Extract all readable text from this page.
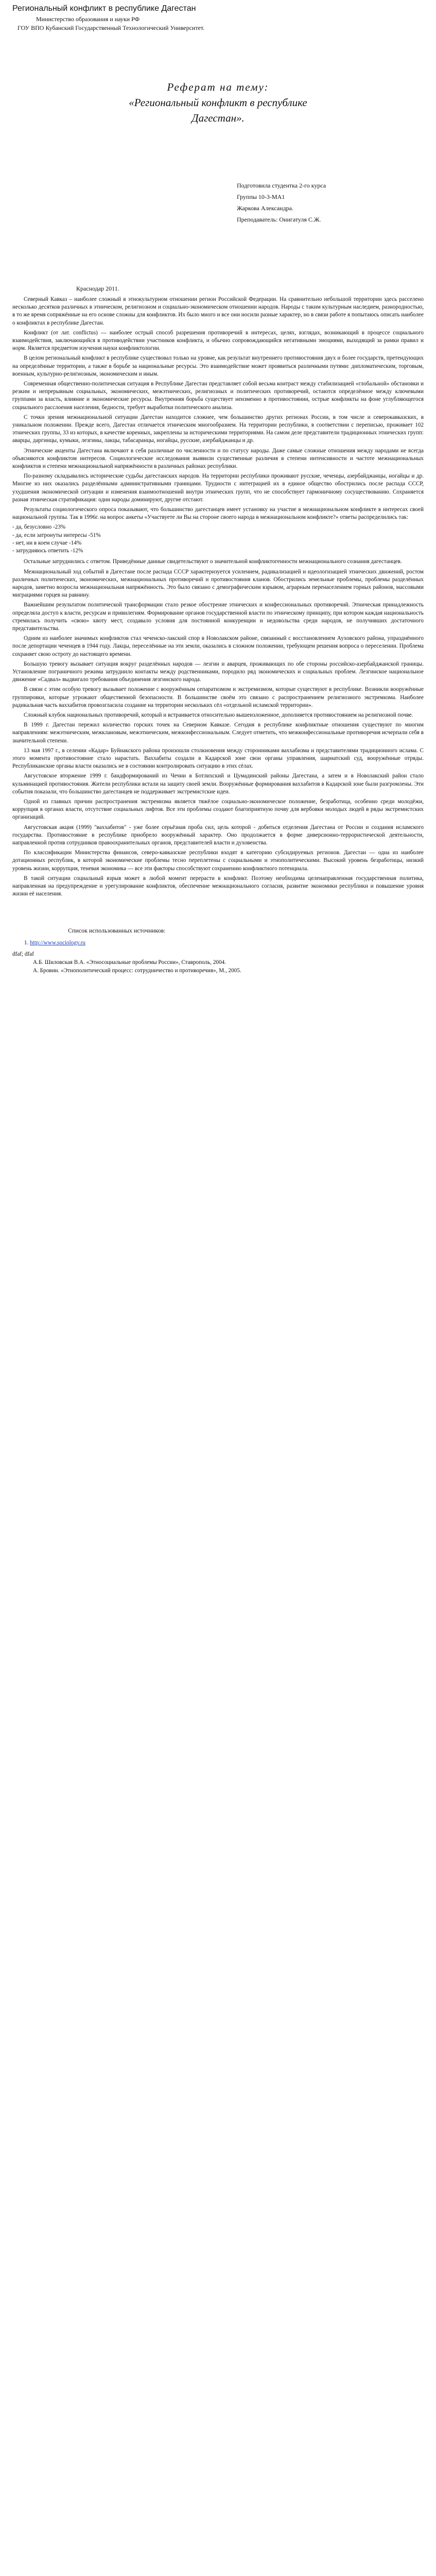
Региональный конфликт в республике Дагестан
Министерство образования и науки РФ
ГОУ ВПО Кубанский Государственный Технологический Университет.
Реферат на тему:
«Региональный конфликт в республике
Дагестан».
Подготовила студентка 2-го курса
Группы 10-3-МА1
Жаркова Александра.
Преподаватель: Онигатуля С.Ж.
Краснодар 2011.

Северный Кавказ – наиболее сложный в этнокультурном отношении регион Российской Федерации. На сравнительно небольшой территории здесь расселено несколько десятков различных в этническом, религиозном и социально-экономическом отношении народов. Народы с таким культурным наследием, разнородностью, в то же время сопряжённые на его основе сложны для конфликтов. Их было много и все они носили разные характер, но в связи работе я попытаюсь описать наиболее о конфликтах в республике Дагестан.

Конфликт (от лат. conflictus) — наиболее острый способ разрешения противоречий в интересах, целях, взглядах, возникающий в процессе социального взаимодействия, заключающийся в противодействии участников конфликта, и обычно сопровождающийся негативными эмоциями, выходящий за рамки правил и норм. Является предметом изучения науки конфликтологии.

В целом региональный конфликт в республике существовал только на уровне, как результат внутреннего противостояния двух и более государств, претендующих на определённые территории, а также в борьбе за национальные ресурсы. Это взаимодействие может проявиться различными путями: дипломатическим, торговым, военным, культурно-религиозным, экономическим и иным.

Современная общественно-политическая ситуация в Республике Дагестан представляет собой весьма контраст между стабилизацией «глобальной» обстановки и резким и непрерывным социальных, экономических, межэтнических, религиозных и политических противоречий, остаются определённое между ключевыми группами за власть, влияние и экономические ресурсы. Внутренняя борьба существует неизменно в противостоянии, острые конфликты на фоне углубляющегося социального расслоения населения, бедности, требует выработки политического анализа.

С точки зрения межнациональной ситуации Дагестан находится сложнее, чем большинство других регионах России, в том числе и северокавказских, в уникальном положении. Прежде всего, Дагестан отличается этническим многообразием. На территории республики, в соответствии с переписью, проживает 102 этнических группы, 33 из которых, в качестве коренных, закреплены за историческими территориями. На самом деле представители традиционных этнических групп: аварцы, даргинцы, кумыки, лезгины, лакцы, табасаранцы, ногайцы, русские, азербайджанцы и др.

Этнические акценты Дагестана включают в себя различные по численности и по статусу народы. Даже самые сложные отношения между народами не всегда объясняются конфликтом интересов. Социологические исследования выявили существенные различия в степени интенсивности и частоте межнациональных конфликтов и степени межнациональной напряжённости в различных районах республики.

По-разному складывались исторические судьбы дагестанских народов. На территории республики проживают русские, чеченцы, азербайджанцы, ногайцы и др. Многие из них оказались разделёнными административными границами. Трудности с интеграцией их в единое общество обострились после распада СССР, ухудшения экономической ситуации и изменения взаимоотношений внутри этнических групп, что не способствует гармоничному сосуществованию. Сохраняется разная этническая стратификация: одни народы доминируют, другие отстают.

Результаты социологического опроса показывают, что большинство дагестанцев имеет установку на участие в межнациональном конфликте в интересах своей национальной группы. Так в 1996г. на вопрос анкеты «Участвуете ли Вы на стороне своего народа в межнациональном конфликте?» ответы распределились так:

- да, безусловно -23%
- да, если затронуты интересы -51%
- нет, ни в коем случае -14%
- затрудняюсь ответить -12%

Остальные затруднились с ответом. Приведённые данные свидетельствуют о значительной конфликтогенности межнационального сознания дагестанцев.

Межнациональный ход событий в Дагестане после распада СССР характеризуется усилением, радикализацией и идеологизацией этнических движений, ростом различных политических, экономических, межнациональных противоречий и противостояния кланов. Обострились земельные проблемы, проблемы разделённых народов, заметно возросла межнациональная напряжённость. Это было связано с демографическим взрывом, аграрным перенаселением горных районов, массовыми миграциями горцев на равнину.

Важнейшим результатом политической трансформации стало резкое обострение этнических и конфессиональных противоречий. Этническая принадлежность определяла доступ к власти, ресурсам и привилегиям. Формирование органов государственной власти по этническому принципу, при котором каждая национальность стремилась получить «свою» квоту мест, создавало условия для постоянной конкуренции и недовольства среди народов, не получивших достаточного представительства.

Одним из наиболее значимых конфликтов стал чеченско-лакский спор в Новолакском районе, связанный с восстановлением Ауховского района, упразднённого после депортации чеченцев в 1944 году. Лакцы, переселённые на эти земли, оказались в сложном положении, требующем решения вопроса о переселении. Проблема сохраняет свою остроту до настоящего времени.

Большую тревогу вызывает ситуация вокруг разделённых народов — лезгин и аварцев, проживающих по обе стороны российско-азербайджанской границы. Установление пограничного режима затруднило контакты между родственниками, породило ряд экономических и социальных проблем. Лезгинское национальное движение «Садвал» выдвигало требования объединения лезгинского народа.

В связи с этим особую тревогу вызывает положение с вооружённым сепаратизмом и экстремизмом, которые существуют в республике. Возникли вооружённые группировки, которые угрожают общественной безопасности. В большинстве своём это связано с распространением религиозного экстремизма. Наиболее радикальная часть ваххабитов провозгласила создание на территории нескольких сёл «отдельной исламской территории».

Сложный клубок национальных противоречий, который и встраивается относительно вышеизложенное, дополняется противостоянием на религиозной почве.

В 1999 г. Дагестан пережил количество горских точек на Северном Кавказе. Сегодня в республике конфликтные отношения существуют по многим направлениям: межэтническим, межклановым, межэтническим, межконфессиональным. Следует отметить, что межконфессиональные противоречия исчерпали себя в значительной степени.

13 мая 1997 г., в селении «Кадар» Буйнакского района произошли столкновения между сторонниками ваххабизма и представителями традиционного ислама. С этого момента противостояние стало нарастать. Ваххабиты создали в Кадарской зоне свои органы управления, шариатский суд, вооружённые отряды. Республиканские органы власти оказались не в состоянии контролировать ситуацию в этих сёлах.

Августовское вторжение 1999 г. бандформирований из Чечни в Ботлихский и Цумадинский районы Дагестана, а затем и в Новолакский район стало кульминацией противостояния. Жители республики встали на защиту своей земли. Вооружённые формирования ваххабитов в Кадарской зоне были разгромлены. Эти события показали, что большинство дагестанцев не поддерживает экстремистские идеи.

Одной из главных причин распространения экстремизма является тяжёлое социально-экономическое положение, безработица, особенно среди молодёжи, коррупция в органах власти, отсутствие социальных лифтов. Все эти проблемы создают благоприятную почву для вербовки молодых людей в ряды экстремистских организаций.

Августовская акция (1999) "ваххабитов" - уже более серьёзная проба сил, цель которой - добиться отделения Дагестана от России и создания исламского государства. Противостояние в республике приобрело вооружённый характер. Оно продолжается в форме диверсионно-террористической деятельности, направленной против сотрудников правоохранительных органов, представителей власти и духовенства.

По классификации Министерства финансов, северо-кавказские республики входят в категорию субсидируемых регионов. Дагестан — одна из наиболее дотационных республик, в которой экономические проблемы тесно переплетены с социальными и этнополитическими. Высокий уровень безработицы, низкий уровень жизни, коррупция, теневая экономика — все эти факторы способствуют сохранению конфликтного потенциала.

В такой ситуации социальный взрыв может в любой момент перерасти в конфликт. Поэтому необходима целенаправленная государственная политика, направленная на предупреждение и урегулирование конфликтов, обеспечение межнационального согласия, развитие экономики республики и повышение уровня жизни её населения.

Список использованных источников:
1. http://www.sociology.ru

dfaf; dfaf

А.Б. Шиловская В.А. «Этносоциальные проблемы России», Ставрополь, 2004.

А. Бровин. «Этнополитический процесс: сотрудничество и противоречия», М., 2005.
